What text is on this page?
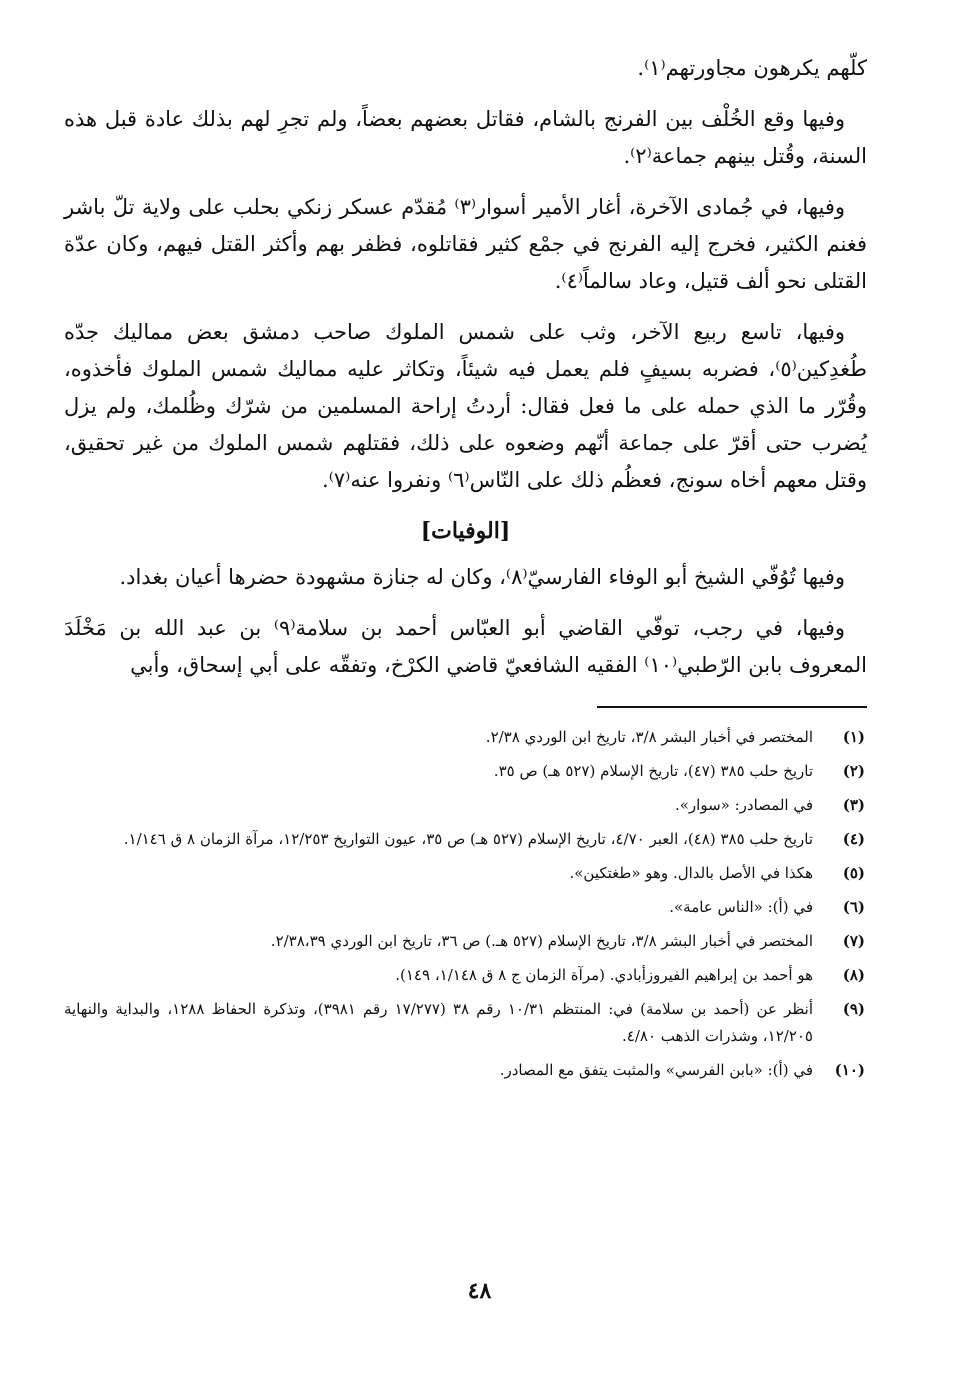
كلّهم يكرهون مجاورتهم⁽١⁾.

وفيها وقع الخُلْف بين الفرنج بالشام، فقاتل بعضهم بعضاً، ولم تجرِ لهم بذلك عادة قبل هذه السنة، وقُتل بينهم جماعة⁽٢⁾.

وفيها، في جُمادى الآخرة، أغار الأمير أسوار⁽٣⁾ مُقدّم عسكر زنكي بحلب على ولاية تلّ باشر فغنم الكثير، فخرج إليه الفرنج في جمْع كثير فقاتلوه، فظفر بهم وأكثر القتل فيهم، وكان عدّة القتلى نحو ألف قتيل، وعاد سالماً⁽٤⁾.

وفيها، تاسع ربيع الآخر، وثب على شمس الملوك صاحب دمشق بعض مماليك جدّه طُغدِكين⁽٥⁾، فضربه بسيفٍ فلم يعمل فيه شيئاً، وتكاثر عليه مماليك شمس الملوك فأخذوه، وقُرّر ما الذي حمله على ما فعل فقال: أردتُ إراحة المسلمين من شرّك وظُلمك، ولم يزل يُضرب حتى أقرّ على جماعة أنّهم وضعوه على ذلك، فقتلهم شمس الملوك من غير تحقيق، وقتل معهم أخاه سونج، فعظُم ذلك على النّاس⁽٦⁾ ونفروا عنه⁽٧⁾.

[الوفيات]

وفيها تُوُفّي الشيخ أبو الوفاء الفارسيّ⁽٨⁾، وكان له جنازة مشهودة حضرها أعيان بغداد.

وفيها، في رجب، توفّي القاضي أبو العبّاس أحمد بن سلامة⁽٩⁾ بن عبد الله بن مَخْلَدَ المعروف بابن الرّطبي⁽١٠⁾ الفقيه الشافعيّ قاضي الكرْخ، وتفقّه على أبي إسحاق، وأبي

(١)
المختصر في أخبار البشر ٣/٨، تاريخ ابن الوردي ٢/٣٨.
(٢)
تاريخ حلب ٣٨٥ (٤٧)، تاريخ الإسلام (٥٢٧ هـ) ص ٣٥.
(٣)
في المصادر: «سوار».
(٤)
تاريخ حلب ٣٨٥ (٤٨)، العبر ٤/٧٠، تاريخ الإسلام (٥٢٧ هـ) ص ٣٥، عيون التواريخ ١٢/٢٥٣، مرآة الزمان ٨ ق ١/١٤٦.
(٥)
هكذا في الأصل بالدال. وهو «طغتكين».
(٦)
في (أ): «الناس عامة».
(٧)
المختصر في أخبار البشر ٣/٨، تاريخ الإسلام (٥٢٧ هـ.) ص ٣٦، تاريخ ابن الوردي ٢/٣٨،٣٩.
(٨)
هو أحمد بن إبراهيم الفيروزأبادي. (مرآة الزمان ج ٨ ق ١/١٤٨، ١٤٩).
(٩)
أنظر عن (أحمد بن سلامة) في: المنتظم ١٠/٣١ رقم ٣٨ (١٧/٢٧٧ رقم ٣٩٨١)، وتذكرة الحفاظ ١٢٨٨، والبداية والنهاية ١٢/٢٠٥، وشذرات الذهب ٤/٨٠.
(١٠)
في (أ): «بابن الفرسي» والمثبت يتفق مع المصادر.
٤٨
